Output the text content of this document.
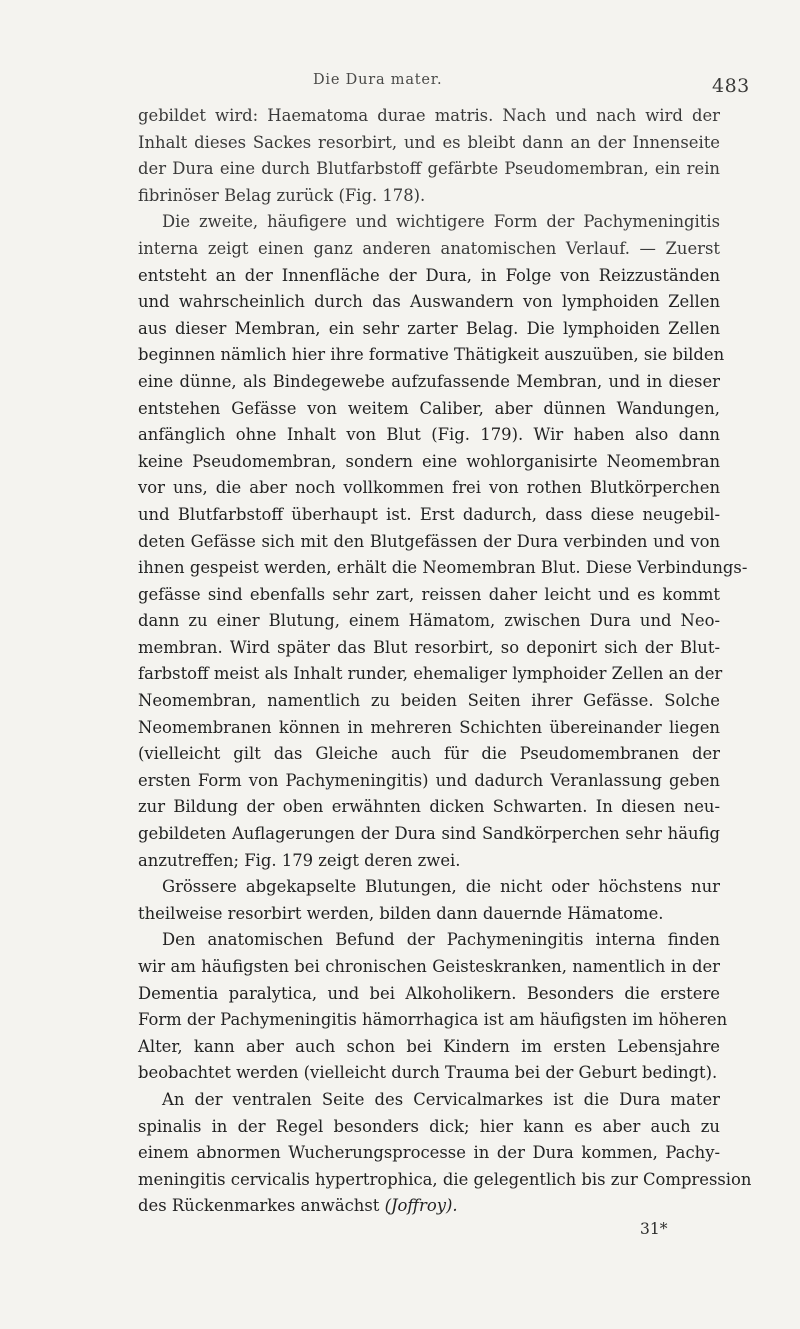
Die Dura mater.	483
gebildet wird: Haematoma durae matris. Nach und nach wird der
Inhalt dieses Sackes resorbirt, und es bleibt dann an der Innenseite
der Dura eine durch Blutfarbstoff gefärbte Pseudomembran, ein rein
fibrinöser Belag zurück (Fig. 178).
Die zweite, häufigere und wichtigere Form der Pachymeningitis
interna zeigt einen ganz anderen anatomischen Verlauf. — Zuerst
entsteht an der Innenfläche der Dura, in Folge von Reizzuständen
und wahrscheinlich durch das Auswandern von lymphoiden Zellen
aus dieser Membran, ein sehr zarter Belag. Die lymphoiden Zellen
beginnen nämlich hier ihre formative Thätigkeit auszuüben, sie bilden
eine dünne, als Bindegewebe aufzufassende Membran, und in dieser
entstehen Gefässe von weitem Caliber, aber dünnen Wandungen,
anfänglich ohne Inhalt von Blut (Fig. 179). Wir haben also dann
keine Pseudomembran, sondern eine wohlorganisirte Neomembran
vor uns, die aber noch vollkommen frei von rothen Blutkörperchen
und Blutfarbstoff überhaupt ist. Erst dadurch, dass diese neugebil-
deten Gefässe sich mit den Blutgefässen der Dura verbinden und von
ihnen gespeist werden, erhält die Neomembran Blut. Diese Verbindungs-
gefässe sind ebenfalls sehr zart, reissen daher leicht und es kommt
dann zu einer Blutung, einem Hämatom, zwischen Dura und Neo-
membran. Wird später das Blut resorbirt, so deponirt sich der Blut-
farbstoff meist als Inhalt runder, ehemaliger lymphoider Zellen an der
Neomembran, namentlich zu beiden Seiten ihrer Gefässe. Solche
Neomembranen können in mehreren Schichten übereinander liegen
(vielleicht gilt das Gleiche auch für die Pseudomembranen der
ersten Form von Pachymeningitis) und dadurch Veranlassung geben
zur Bildung der oben erwähnten dicken Schwarten. In diesen neu-
gebildeten Auflagerungen der Dura sind Sandkörperchen sehr häufig
anzutreffen; Fig. 179 zeigt deren zwei.
Grössere abgekapselte Blutungen, die nicht oder höchstens nur
theilweise resorbirt werden, bilden dann dauernde Hämatome.
Den anatomischen Befund der Pachymeningitis interna finden
wir am häufigsten bei chronischen Geisteskranken, namentlich in der
Dementia paralytica, und bei Alkoholikern. Besonders die erstere
Form der Pachymeningitis hämorrhagica ist am häufigsten im höheren
Alter, kann aber auch schon bei Kindern im ersten Lebensjahre
beobachtet werden (vielleicht durch Trauma bei der Geburt bedingt).
An der ventralen Seite des Cervicalmarkes ist die Dura mater
spinalis in der Regel besonders dick; hier kann es aber auch zu
einem abnormen Wucherungsprocesse in der Dura kommen, Pachy-
meningitis cervicalis hypertrophica, die gelegentlich bis zur Compression
des Rückenmarkes anwächst (Joffroy).
31*
